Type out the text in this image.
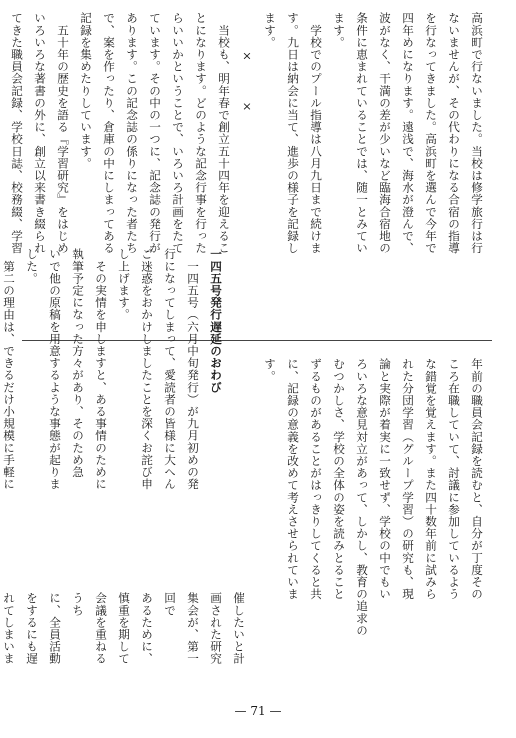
高浜町で行ないました。当校は修学旅行は行
ないませんが、その代わりになる合宿の指導
を行なってきました。高浜町を選んで今年で
四年めになります。遠浅で、海水が澄んで、
波がなく、干満の差が少いなど臨海合宿地の
条件に恵まれていることでは、随一とみてい
ます。
　学校でのプール指導は八月九日まで続けま
す。九日は納会に当て、進歩の様子を記録し
ます。
　　　×　　　×
　当校も、明年春で創立五十四年を迎えるこ
とになります。どのような記念行事を行った
らいいかということで、いろいろ計画をたて
ています。その中の一つに、記念誌の発行が
あります。この記念誌の係りになった者たち
で、案を作ったり、倉庫の中にしまってある
記録を集めたりしています。
　五十年の歴史を語る『学習研究』をはじめ
いろいろな著書の外に、創立以来書き綴られ
てきた職員会記録、学校日誌、校務綴、学習

年前の職員会記録を読むと、自分が丁度その
ころ在職していて、討議に参加しているよう
な錯覚を覚えます。また四十数年前に試みら
れた分団学習（グループ学習）の研究も、現
論と実際が着実に一致せず、学校の中でもい
ろいろな意見対立があって、しかし、教育の追求の
むつかしさ、学校の全体の姿を読みとること
ずるものがあることがはっきりしてくると共
に、記録の意義を改めて考えさせられていま
す。

一四五号発行遅延のおわび
　一四五号（六月中旬発行）が九月初めの発
行になってしまって、愛読者の皆様に大へん
ご迷惑をおかけしましたことを深くお詫び申
し上げます。
　その実情を申しますと、ある事情のために
執筆予定になった方々があり、そのため急
いで他の原稿を用意するような事態が起りま
した。
　第二の理由は、できるだけ小規模に手軽に

催したいと計画された研究集会が、第一回で
あるために、慎重を期して会議を重ねるうち
に、全員活動をするにも遅れてしまいま

— 71 —
